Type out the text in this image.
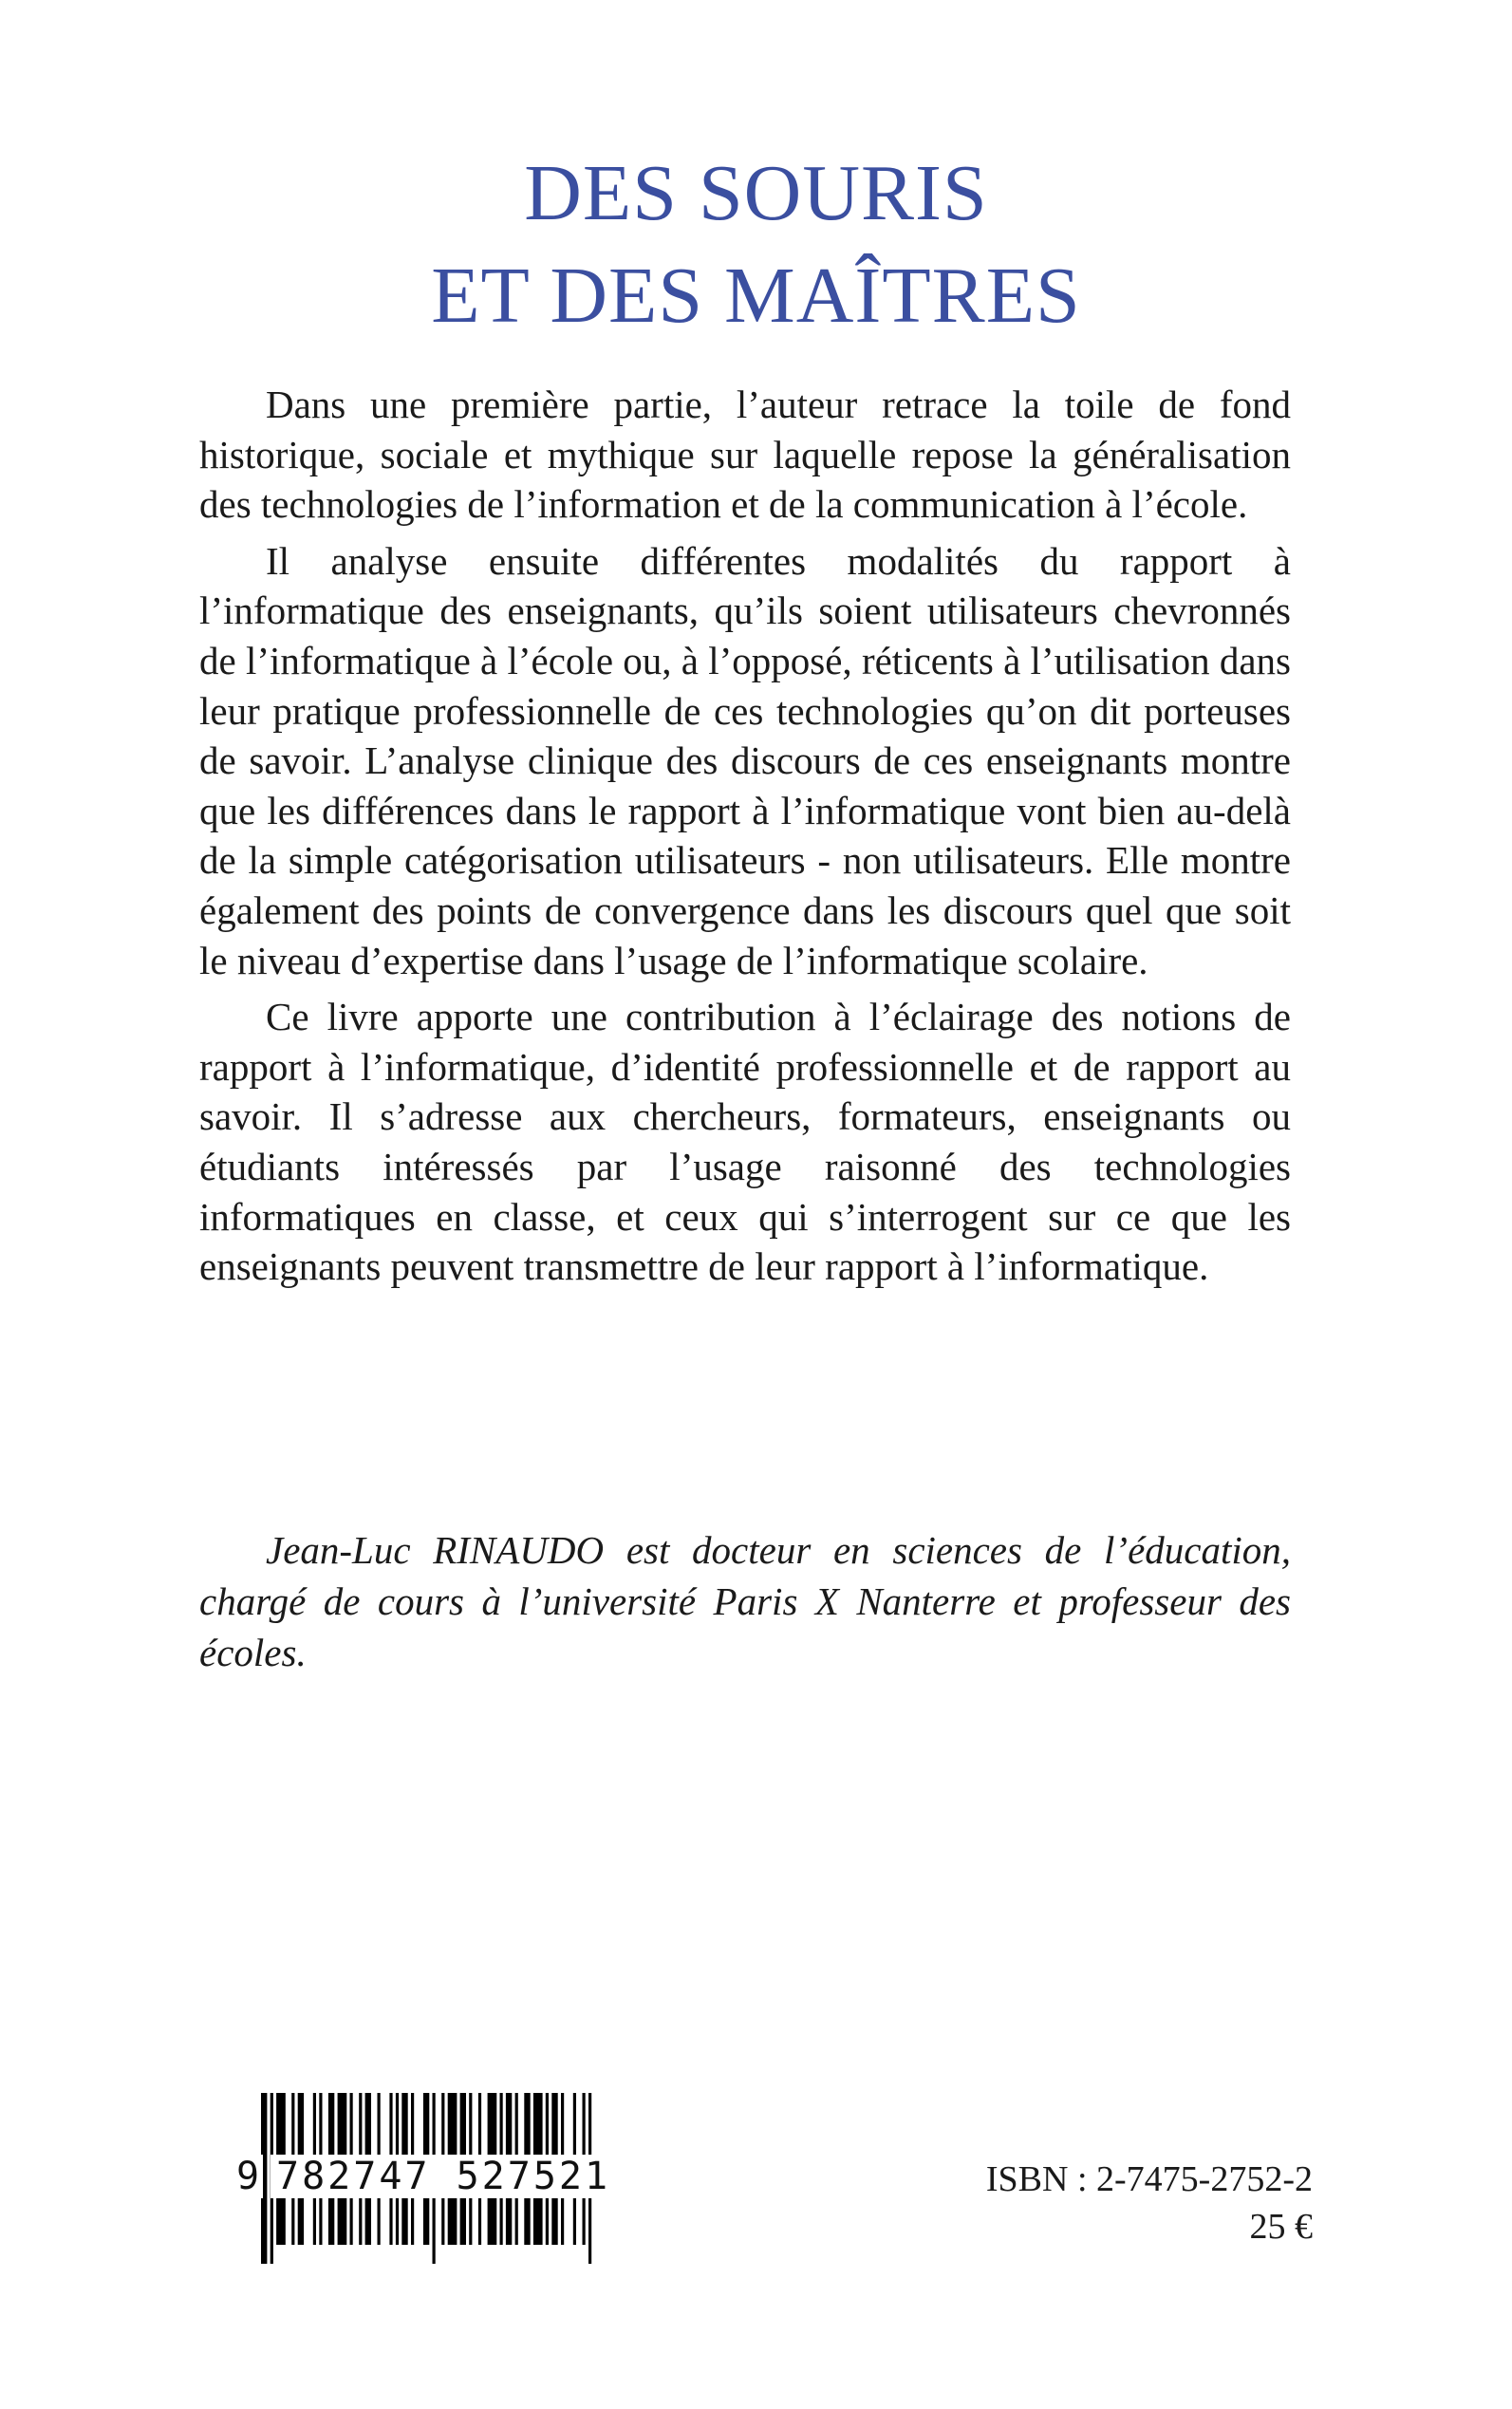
DES SOURIS
ET DES MAÎTRES

Dans une première partie, l’auteur retrace la toile de fond historique, sociale et mythique sur laquelle repose la généralisation des technologies de l’information et de la communication à l’école.

Il analyse ensuite différentes modalités du rapport à l’informatique des enseignants, qu’ils soient utilisateurs chevronnés de l’informatique à l’école ou, à l’opposé, réticents à l’utilisation dans leur pratique professionnelle de ces technologies qu’on dit porteuses de savoir. L’analyse clinique des discours de ces enseignants montre que les différences dans le rapport à l’informatique vont bien au-delà de la simple catégorisation utilisateurs - non utilisateurs. Elle montre également des points de convergence dans les discours quel que soit le niveau d’expertise dans l’usage de l’informatique scolaire.

Ce livre apporte une contribution à l’éclairage des notions de rapport à l’informatique, d’identité professionnelle et de rapport au savoir. Il s’adresse aux chercheurs, formateurs, enseignants ou étudiants intéressés par l’usage raisonné des technologies informatiques en classe, et ceux qui s’interrogent sur ce que les enseignants peuvent transmettre de leur rapport à l’informatique.

Jean-Luc RINAUDO est docteur en sciences de l’éducation, chargé de cours à l’université Paris X Nanterre et professeur des écoles.
9 782747 527521	ISBN : 2-7475-2752-2
25 €
